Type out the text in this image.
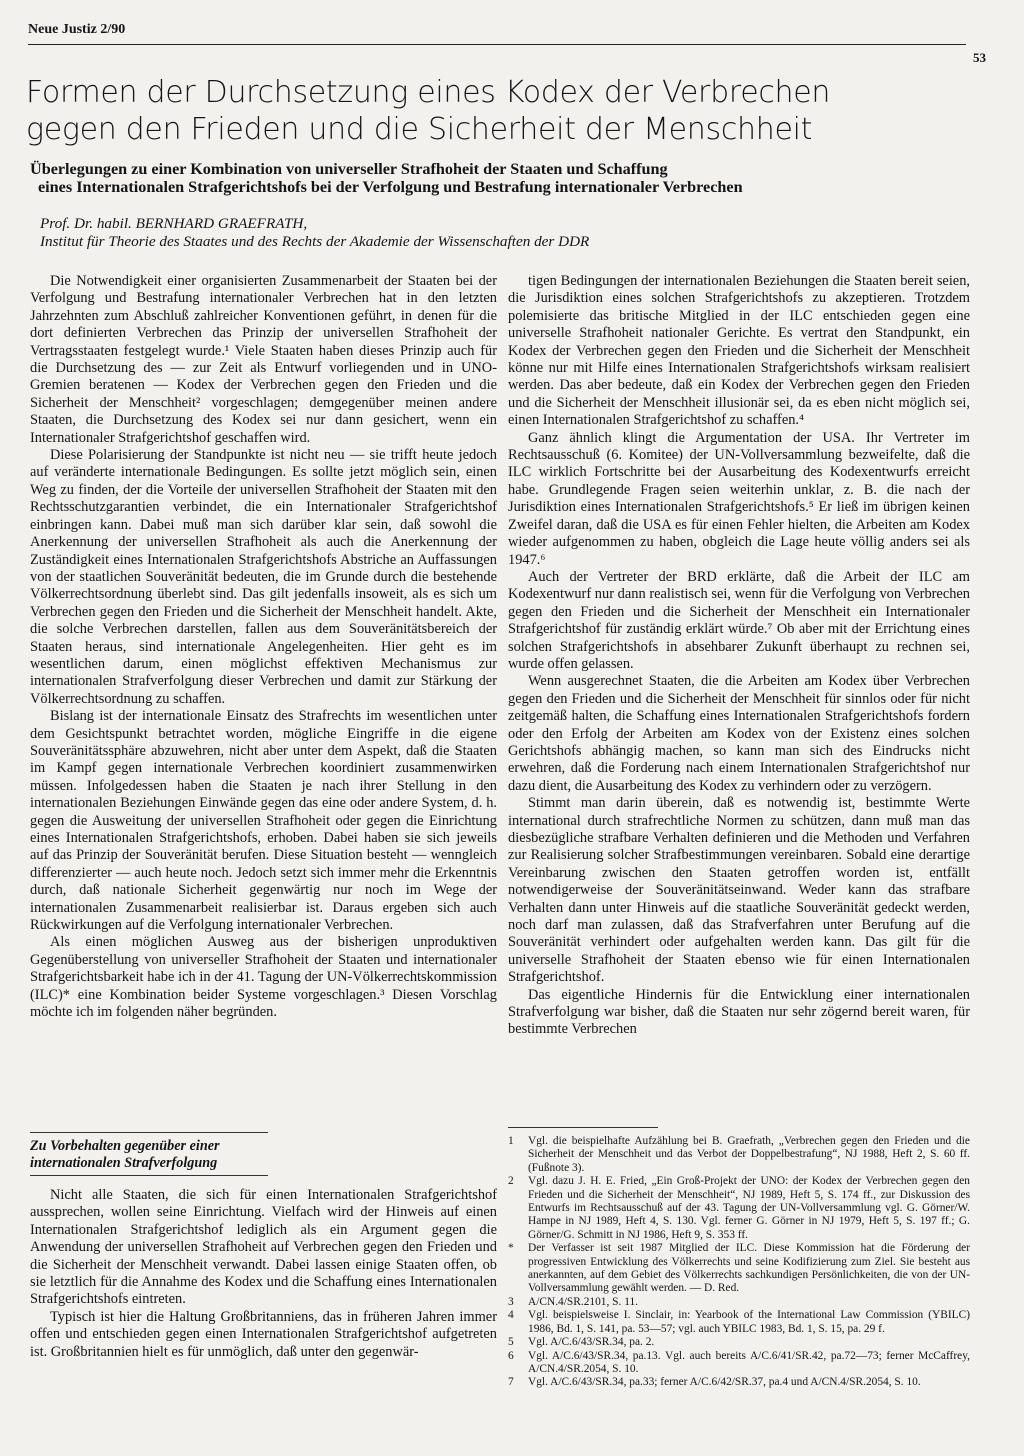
Neue Justiz 2/90
53
Formen der Durchsetzung eines Kodex der Verbrechen
gegen den Frieden und die Sicherheit der Menschheit
Überlegungen zu einer Kombination von universeller Strafhoheit der Staaten und Schaffung
eines Internationalen Strafgerichtshofs bei der Verfolgung und Bestrafung internationaler Verbrechen
Prof. Dr. habil. BERNHARD GRAEFRATH,
Institut für Theorie des Staates und des Rechts der Akademie der Wissenschaften der DDR

Die Notwendigkeit einer organisierten Zusammenarbeit der Staaten bei der Verfolgung und Bestrafung internationaler Verbrechen hat in den letzten Jahrzehnten zum Abschluß zahlreicher Konventionen geführt, in denen für die dort definierten Verbrechen das Prinzip der universellen Strafhoheit der Vertragsstaaten festgelegt wurde.¹ Viele Staaten haben dieses Prinzip auch für die Durchsetzung des — zur Zeit als Entwurf vorliegenden und in UNO-Gremien beratenen — Kodex der Verbrechen gegen den Frieden und die Sicherheit der Menschheit² vorgeschlagen; demgegenüber meinen andere Staaten, die Durchsetzung des Kodex sei nur dann gesichert, wenn ein Internationaler Strafgerichtshof geschaffen wird.

Diese Polarisierung der Standpunkte ist nicht neu — sie trifft heute jedoch auf veränderte internationale Bedingungen. Es sollte jetzt möglich sein, einen Weg zu finden, der die Vorteile der universellen Strafhoheit der Staaten mit den Rechtsschutzgarantien verbindet, die ein Internationaler Strafgerichtshof einbringen kann. Dabei muß man sich darüber klar sein, daß sowohl die Anerkennung der universellen Strafhoheit als auch die Anerkennung der Zuständigkeit eines Internationalen Strafgerichtshofs Abstriche an Auffassungen von der staatlichen Souveränität bedeuten, die im Grunde durch die bestehende Völkerrechtsordnung überlebt sind. Das gilt jedenfalls insoweit, als es sich um Verbrechen gegen den Frieden und die Sicherheit der Menschheit handelt. Akte, die solche Verbrechen darstellen, fallen aus dem Souveränitätsbereich der Staaten heraus, sind internationale Angelegenheiten. Hier geht es im wesentlichen darum, einen möglichst effektiven Mechanismus zur internationalen Strafverfolgung dieser Verbrechen und damit zur Stärkung der Völkerrechtsordnung zu schaffen.

Bislang ist der internationale Einsatz des Strafrechts im wesentlichen unter dem Gesichtspunkt betrachtet worden, mögliche Eingriffe in die eigene Souveränitätssphäre abzuwehren, nicht aber unter dem Aspekt, daß die Staaten im Kampf gegen internationale Verbrechen koordiniert zusammenwirken müssen. Infolgedessen haben die Staaten je nach ihrer Stellung in den internationalen Beziehungen Einwände gegen das eine oder andere System, d. h. gegen die Ausweitung der universellen Strafhoheit oder gegen die Einrichtung eines Internationalen Strafgerichtshofs, erhoben. Dabei haben sie sich jeweils auf das Prinzip der Souveränität berufen. Diese Situation besteht — wenngleich differenzierter — auch heute noch. Jedoch setzt sich immer mehr die Erkenntnis durch, daß nationale Sicherheit gegenwärtig nur noch im Wege der internationalen Zusammenarbeit realisierbar ist. Daraus ergeben sich auch Rückwirkungen auf die Verfolgung internationaler Verbrechen.

Als einen möglichen Ausweg aus der bisherigen unproduktiven Gegenüberstellung von universeller Strafhoheit der Staaten und internationaler Strafgerichtsbarkeit habe ich in der 41. Tagung der UN-Völkerrechtskommission (ILC)* eine Kombination beider Systeme vorgeschlagen.³ Diesen Vorschlag möchte ich im folgenden näher begründen.

Zu Vorbehalten gegenüber einer
internationalen Strafverfolgung

Nicht alle Staaten, die sich für einen Internationalen Strafgerichtshof aussprechen, wollen seine Einrichtung. Vielfach wird der Hinweis auf einen Internationalen Strafgerichtshof lediglich als ein Argument gegen die Anwendung der universellen Strafhoheit auf Verbrechen gegen den Frieden und die Sicherheit der Menschheit verwandt. Dabei lassen einige Staaten offen, ob sie letztlich für die Annahme des Kodex und die Schaffung eines Internationalen Strafgerichtshofs eintreten.

Typisch ist hier die Haltung Großbritanniens, das in früheren Jahren immer offen und entschieden gegen einen Internationalen Strafgerichtshof aufgetreten ist. Großbritannien hielt es für unmöglich, daß unter den gegenwär-

tigen Bedingungen der internationalen Beziehungen die Staaten bereit seien, die Jurisdiktion eines solchen Strafgerichtshofs zu akzeptieren. Trotzdem polemisierte das britische Mitglied in der ILC entschieden gegen eine universelle Strafhoheit nationaler Gerichte. Es vertrat den Standpunkt, ein Kodex der Verbrechen gegen den Frieden und die Sicherheit der Menschheit könne nur mit Hilfe eines Internationalen Strafgerichtshofs wirksam realisiert werden. Das aber bedeute, daß ein Kodex der Verbrechen gegen den Frieden und die Sicherheit der Menschheit illusionär sei, da es eben nicht möglich sei, einen Internationalen Strafgerichtshof zu schaffen.⁴

Ganz ähnlich klingt die Argumentation der USA. Ihr Vertreter im Rechtsausschuß (6. Komitee) der UN-Vollversammlung bezweifelte, daß die ILC wirklich Fortschritte bei der Ausarbeitung des Kodexentwurfs erreicht habe. Grundlegende Fragen seien weiterhin unklar, z. B. die nach der Jurisdiktion eines Internationalen Strafgerichtshofs.⁵ Er ließ im übrigen keinen Zweifel daran, daß die USA es für einen Fehler hielten, die Arbeiten am Kodex wieder aufgenommen zu haben, obgleich die Lage heute völlig anders sei als 1947.⁶

Auch der Vertreter der BRD erklärte, daß die Arbeit der ILC am Kodexentwurf nur dann realistisch sei, wenn für die Verfolgung von Verbrechen gegen den Frieden und die Sicherheit der Menschheit ein Internationaler Strafgerichtshof für zuständig erklärt würde.⁷ Ob aber mit der Errichtung eines solchen Strafgerichtshofs in absehbarer Zukunft überhaupt zu rechnen sei, wurde offen gelassen.

Wenn ausgerechnet Staaten, die die Arbeiten am Kodex über Verbrechen gegen den Frieden und die Sicherheit der Menschheit für sinnlos oder für nicht zeitgemäß halten, die Schaffung eines Internationalen Strafgerichtshofs fordern oder den Erfolg der Arbeiten am Kodex von der Existenz eines solchen Gerichtshofs abhängig machen, so kann man sich des Eindrucks nicht erwehren, daß die Forderung nach einem Internationalen Strafgerichtshof nur dazu dient, die Ausarbeitung des Kodex zu verhindern oder zu verzögern.

Stimmt man darin überein, daß es notwendig ist, bestimmte Werte international durch strafrechtliche Normen zu schützen, dann muß man das diesbezügliche strafbare Verhalten definieren und die Methoden und Verfahren zur Realisierung solcher Strafbestimmungen vereinbaren. Sobald eine derartige Vereinbarung zwischen den Staaten getroffen worden ist, entfällt notwendigerweise der Souveränitätseinwand. Weder kann das strafbare Verhalten dann unter Hinweis auf die staatliche Souveränität gedeckt werden, noch darf man zulassen, daß das Strafverfahren unter Berufung auf die Souveränität verhindert oder aufgehalten werden kann. Das gilt für die universelle Strafhoheit der Staaten ebenso wie für einen Internationalen Strafgerichtshof.

Das eigentliche Hindernis für die Entwicklung einer internationalen Strafverfolgung war bisher, daß die Staaten nur sehr zögernd bereit waren, für bestimmte Verbrechen

1	Vgl. die beispielhafte Aufzählung bei B. Graefrath, „Verbrechen gegen den Frieden und die Sicherheit der Menschheit und das Verbot der Doppelbestrafung“, NJ 1988, Heft 2, S. 60 ff. (Fußnote 3).
2	Vgl. dazu J. H. E. Fried, „Ein Groß-Projekt der UNO: der Kodex der Verbrechen gegen den Frieden und die Sicherheit der Menschheit“, NJ 1989, Heft 5, S. 174 ff., zur Diskussion des Entwurfs im Rechtsausschuß auf der 43. Tagung der UN-Vollversammlung vgl. G. Görner/W. Hampe in NJ 1989, Heft 4, S. 130. Vgl. ferner G. Görner in NJ 1979, Heft 5, S. 197 ff.; G. Görner/G. Schmitt in NJ 1986, Heft 9, S. 353 ff.
*	Der Verfasser ist seit 1987 Mitglied der ILC. Diese Kommission hat die Förderung der progressiven Entwicklung des Völkerrechts und seine Kodifizierung zum Ziel. Sie besteht aus anerkannten, auf dem Gebiet des Völkerrechts sachkundigen Persönlichkeiten, die von der UN-Vollversammlung gewählt werden. — D. Red.
3	A/CN.4/SR.2101, S. 11.
4	Vgl. beispielsweise I. Sinclair, in: Yearbook of the International Law Commission (YBILC) 1986, Bd. 1, S. 141, pa. 53—57; vgl. auch YBILC 1983, Bd. 1, S. 15, pa. 29 f.
5	Vgl. A/C.6/43/SR.34, pa. 2.
6	Vgl. A/C.6/43/SR.34, pa.13. Vgl. auch bereits A/C.6/41/SR.42, pa.72—73; ferner McCaffrey, A/CN.4/SR.2054, S. 10.
7	Vgl. A/C.6/43/SR.34, pa.33; ferner A/C.6/42/SR.37, pa.4 und A/CN.4/SR.2054, S. 10.
